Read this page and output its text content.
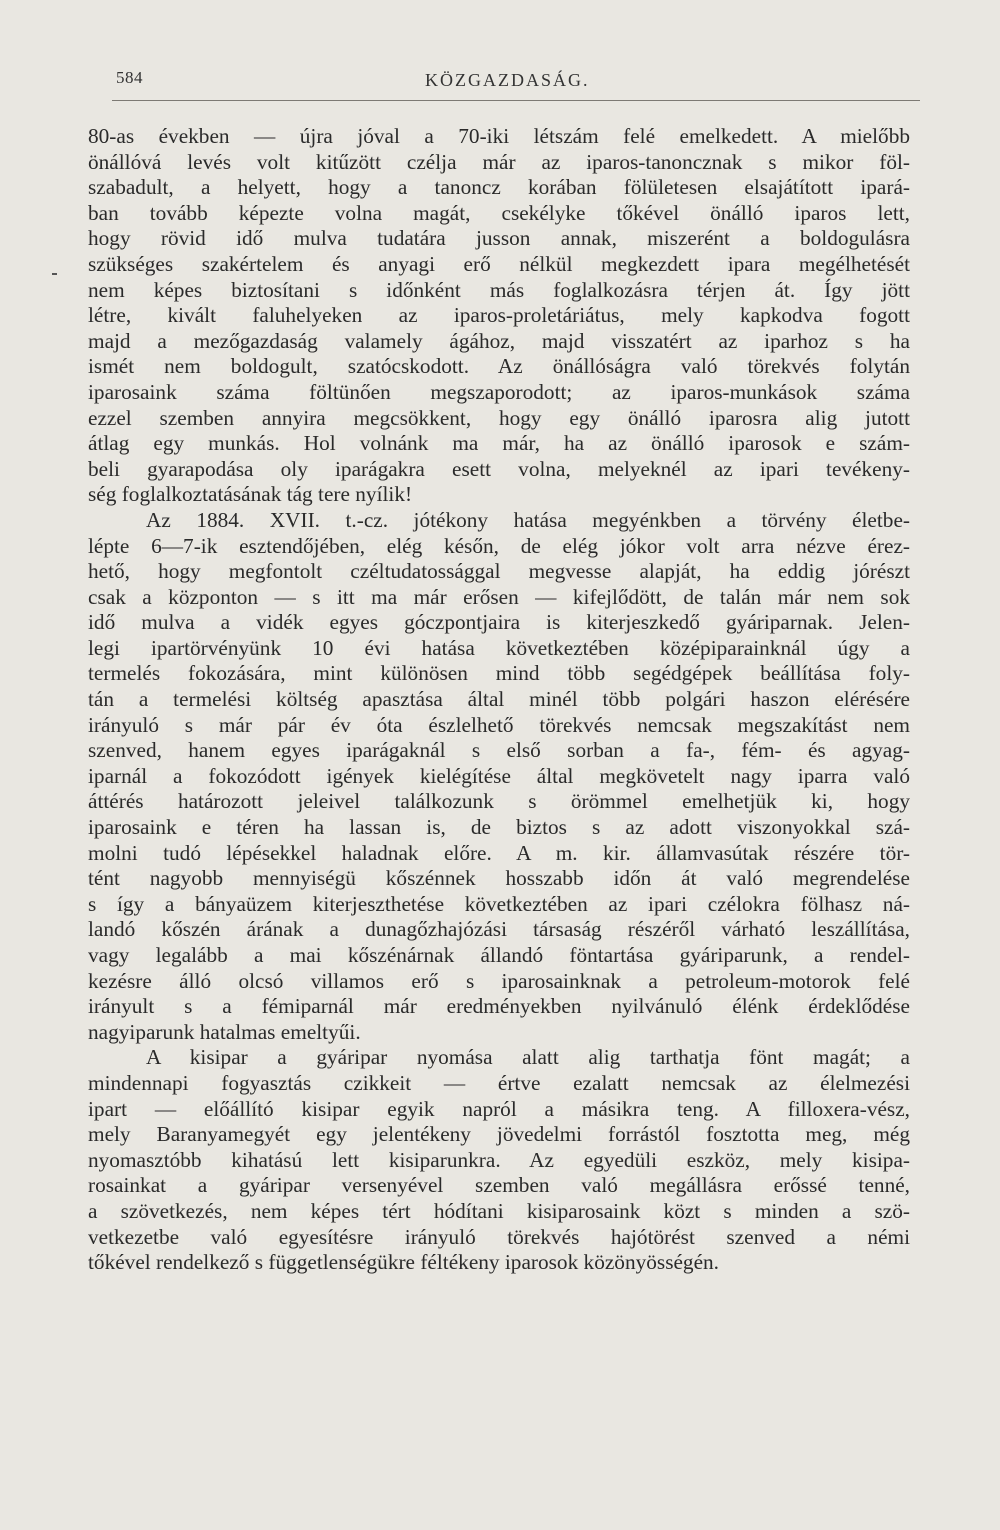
584	KÖZGAZDASÁG.
80-as években — újra jóval a 70-iki létszám felé emelkedett. A mielőbb
önállóvá levés volt kitűzött czélja már az iparos-tanoncznak s mikor föl-
szabadult, a helyett, hogy a tanoncz korában fölületesen elsajátított ipará-
ban tovább képezte volna magát, csekélyke tőkével önálló iparos lett,
hogy rövid idő mulva tudatára jusson annak, miszerént a boldogulásra
szükséges szakértelem és anyagi erő nélkül megkezdett ipara megélhetését
nem képes biztosítani s időnként más foglalkozásra térjen át. Így jött
létre, kivált faluhelyeken az iparos-proletáriátus, mely kapkodva fogott
majd a mezőgazdaság valamely ágához, majd visszatért az iparhoz s ha
ismét nem boldogult, szatócskodott. Az önállóságra való törekvés folytán
iparosaink száma föltünően megszaporodott; az iparos-munkások száma
ezzel szemben annyira megcsökkent, hogy egy önálló iparosra alig jutott
átlag egy munkás. Hol volnánk ma már, ha az önálló iparosok e szám-
beli gyarapodása oly iparágakra esett volna, melyeknél az ipari tevékeny-
ség foglalkoztatásának tág tere nyílik!
Az 1884. XVII. t.-cz. jótékony hatása megyénkben a törvény életbe-
lépte 6—7-ik esztendőjében, elég későn, de elég jókor volt arra nézve érez-
hető, hogy megfontolt czéltudatossággal megvesse alapját, ha eddig jórészt
csak a központon — s itt ma már erősen — kifejlődött, de talán már nem sok
idő mulva a vidék egyes góczpontjaira is kiterjeszkedő gyáriparnak. Jelen-
legi ipartörvényünk 10 évi hatása következtében középiparainknál úgy a
termelés fokozására, mint különösen mind több segédgépek beállítása foly-
tán a termelési költség apasztása által minél több polgári haszon elérésére
irányuló s már pár év óta észlelhető törekvés nemcsak megszakítást nem
szenved, hanem egyes iparágaknál s első sorban a fa-, fém- és agyag-
iparnál a fokozódott igények kielégítése által megkövetelt nagy iparra való
áttérés határozott jeleivel találkozunk s örömmel emelhetjük ki, hogy
iparosaink e téren ha lassan is, de biztos s az adott viszonyokkal szá-
molni tudó lépésekkel haladnak előre. A m. kir. államvasútak részére tör-
tént nagyobb mennyiségü kőszénnek hosszabb időn át való megrendelése
s így a bányaüzem kiterjeszthetése következtében az ipari czélokra fölhasz ná-
landó kőszén árának a dunagőzhajózási társaság részéről várható leszállítása,
vagy legalább a mai kőszénárnak állandó föntartása gyáriparunk, a rendel-
kezésre álló olcsó villamos erő s iparosainknak a petroleum-motorok felé
irányult s a fémiparnál már eredményekben nyilvánuló élénk érdeklődése
nagyiparunk hatalmas emeltyűi.
A kisipar a gyáripar nyomása alatt alig tarthatja fönt magát; a
mindennapi fogyasztás czikkeit — értve ezalatt nemcsak az élelmezési
ipart — előállító kisipar egyik napról a másikra teng. A filloxera-vész,
mely Baranyamegyét egy jelentékeny jövedelmi forrástól fosztotta meg, még
nyomasztóbb kihatású lett kisiparunkra. Az egyedüli eszköz, mely kisipa-
rosainkat a gyáripar versenyével szemben való megállásra erőssé tenné,
a szövetkezés, nem képes tért hódítani kisiparosaink közt s minden a szö-
vetkezetbe való egyesítésre irányuló törekvés hajótörést szenved a némi
tőkével rendelkező s függetlenségükre féltékeny iparosok közönyösségén.
